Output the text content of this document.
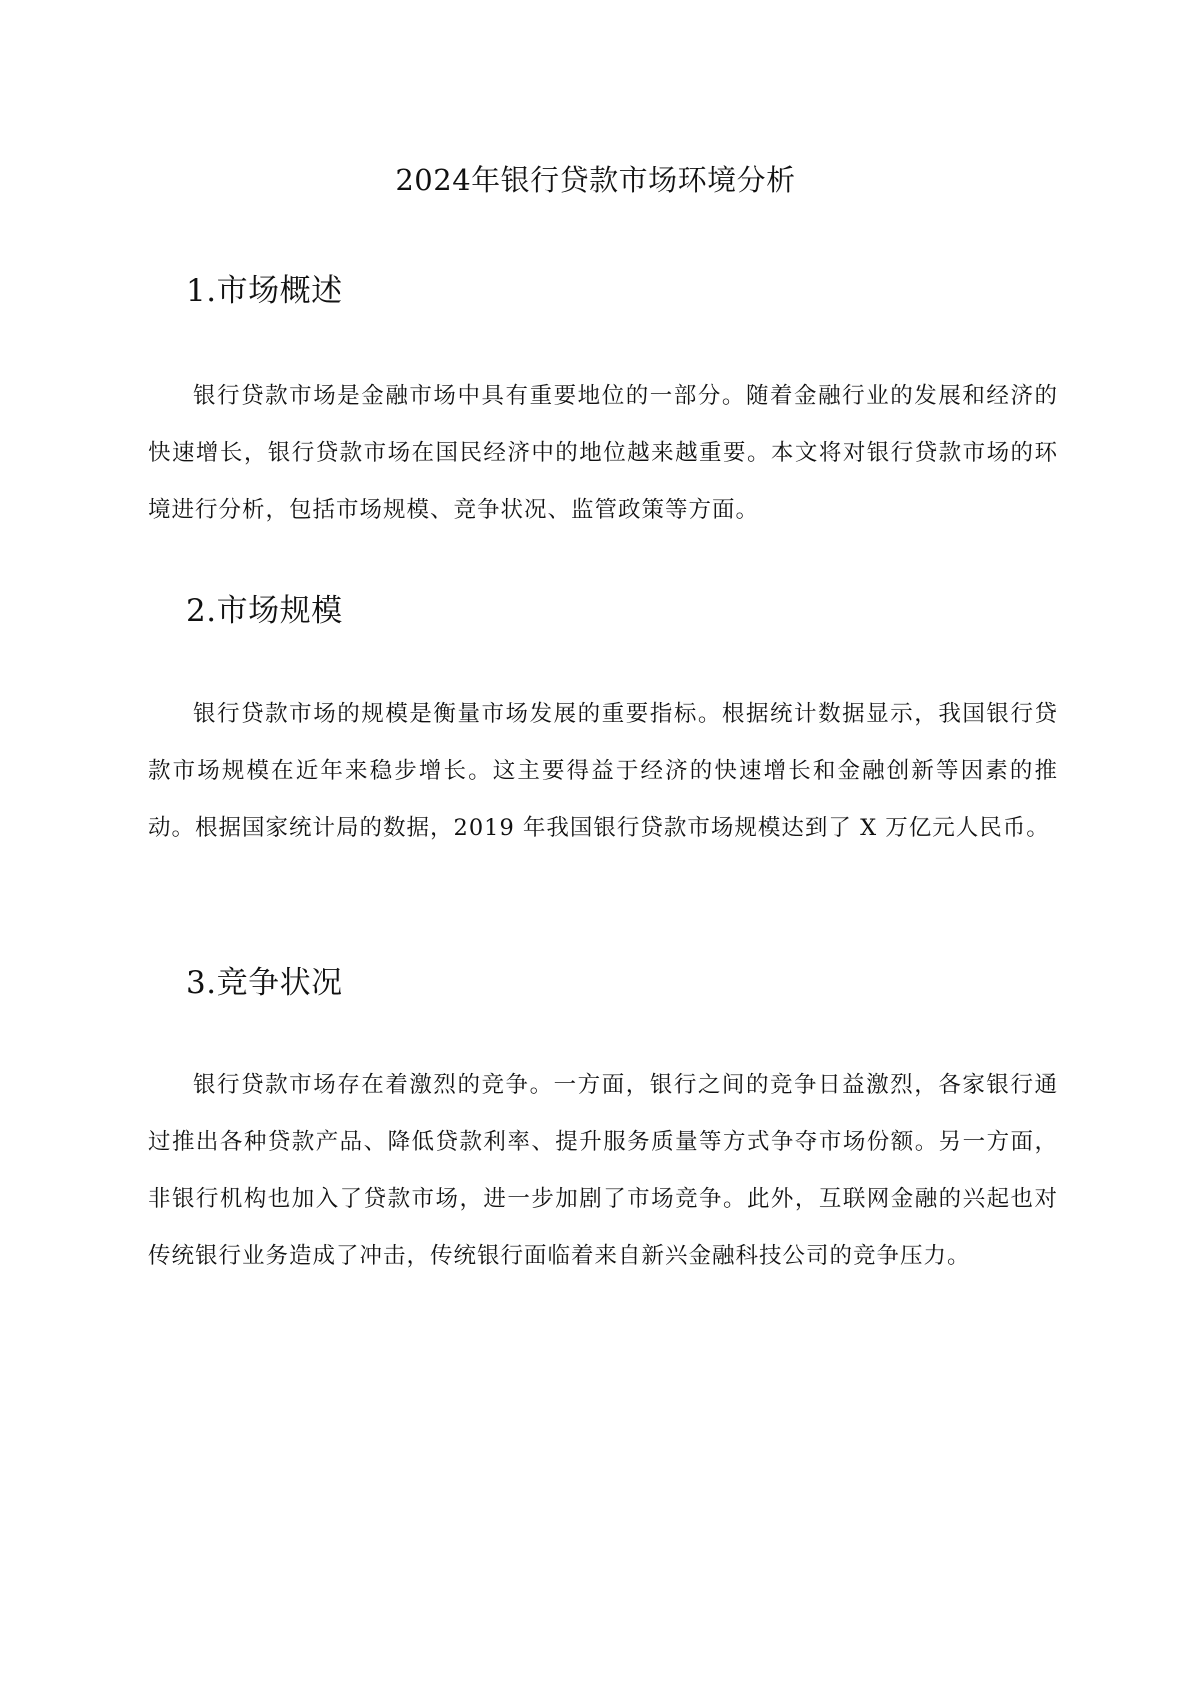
2024年银行贷款市场环境分析
1.市场概述

银行贷款市场是金融市场中具有重要地位的一部分。随着金融行业的发展和经济的快速增长，银行贷款市场在国民经济中的地位越来越重要。本文将对银行贷款市场的环境进行分析，包括市场规模、竞争状况、监管政策等方面。

2.市场规模

银行贷款市场的规模是衡量市场发展的重要指标。根据统计数据显示，我国银行贷款市场规模在近年来稳步增长。这主要得益于经济的快速增长和金融创新等因素的推动。根据国家统计局的数据，2019 年我国银行贷款市场规模达到了 X 万亿元人民币。

3.竞争状况

银行贷款市场存在着激烈的竞争。一方面，银行之间的竞争日益激烈，各家银行通过推出各种贷款产品、降低贷款利率、提升服务质量等方式争夺市场份额。另一方面，非银行机构也加入了贷款市场，进一步加剧了市场竞争。此外，互联网金融的兴起也对传统银行业务造成了冲击，传统银行面临着来自新兴金融科技公司的竞争压力。
